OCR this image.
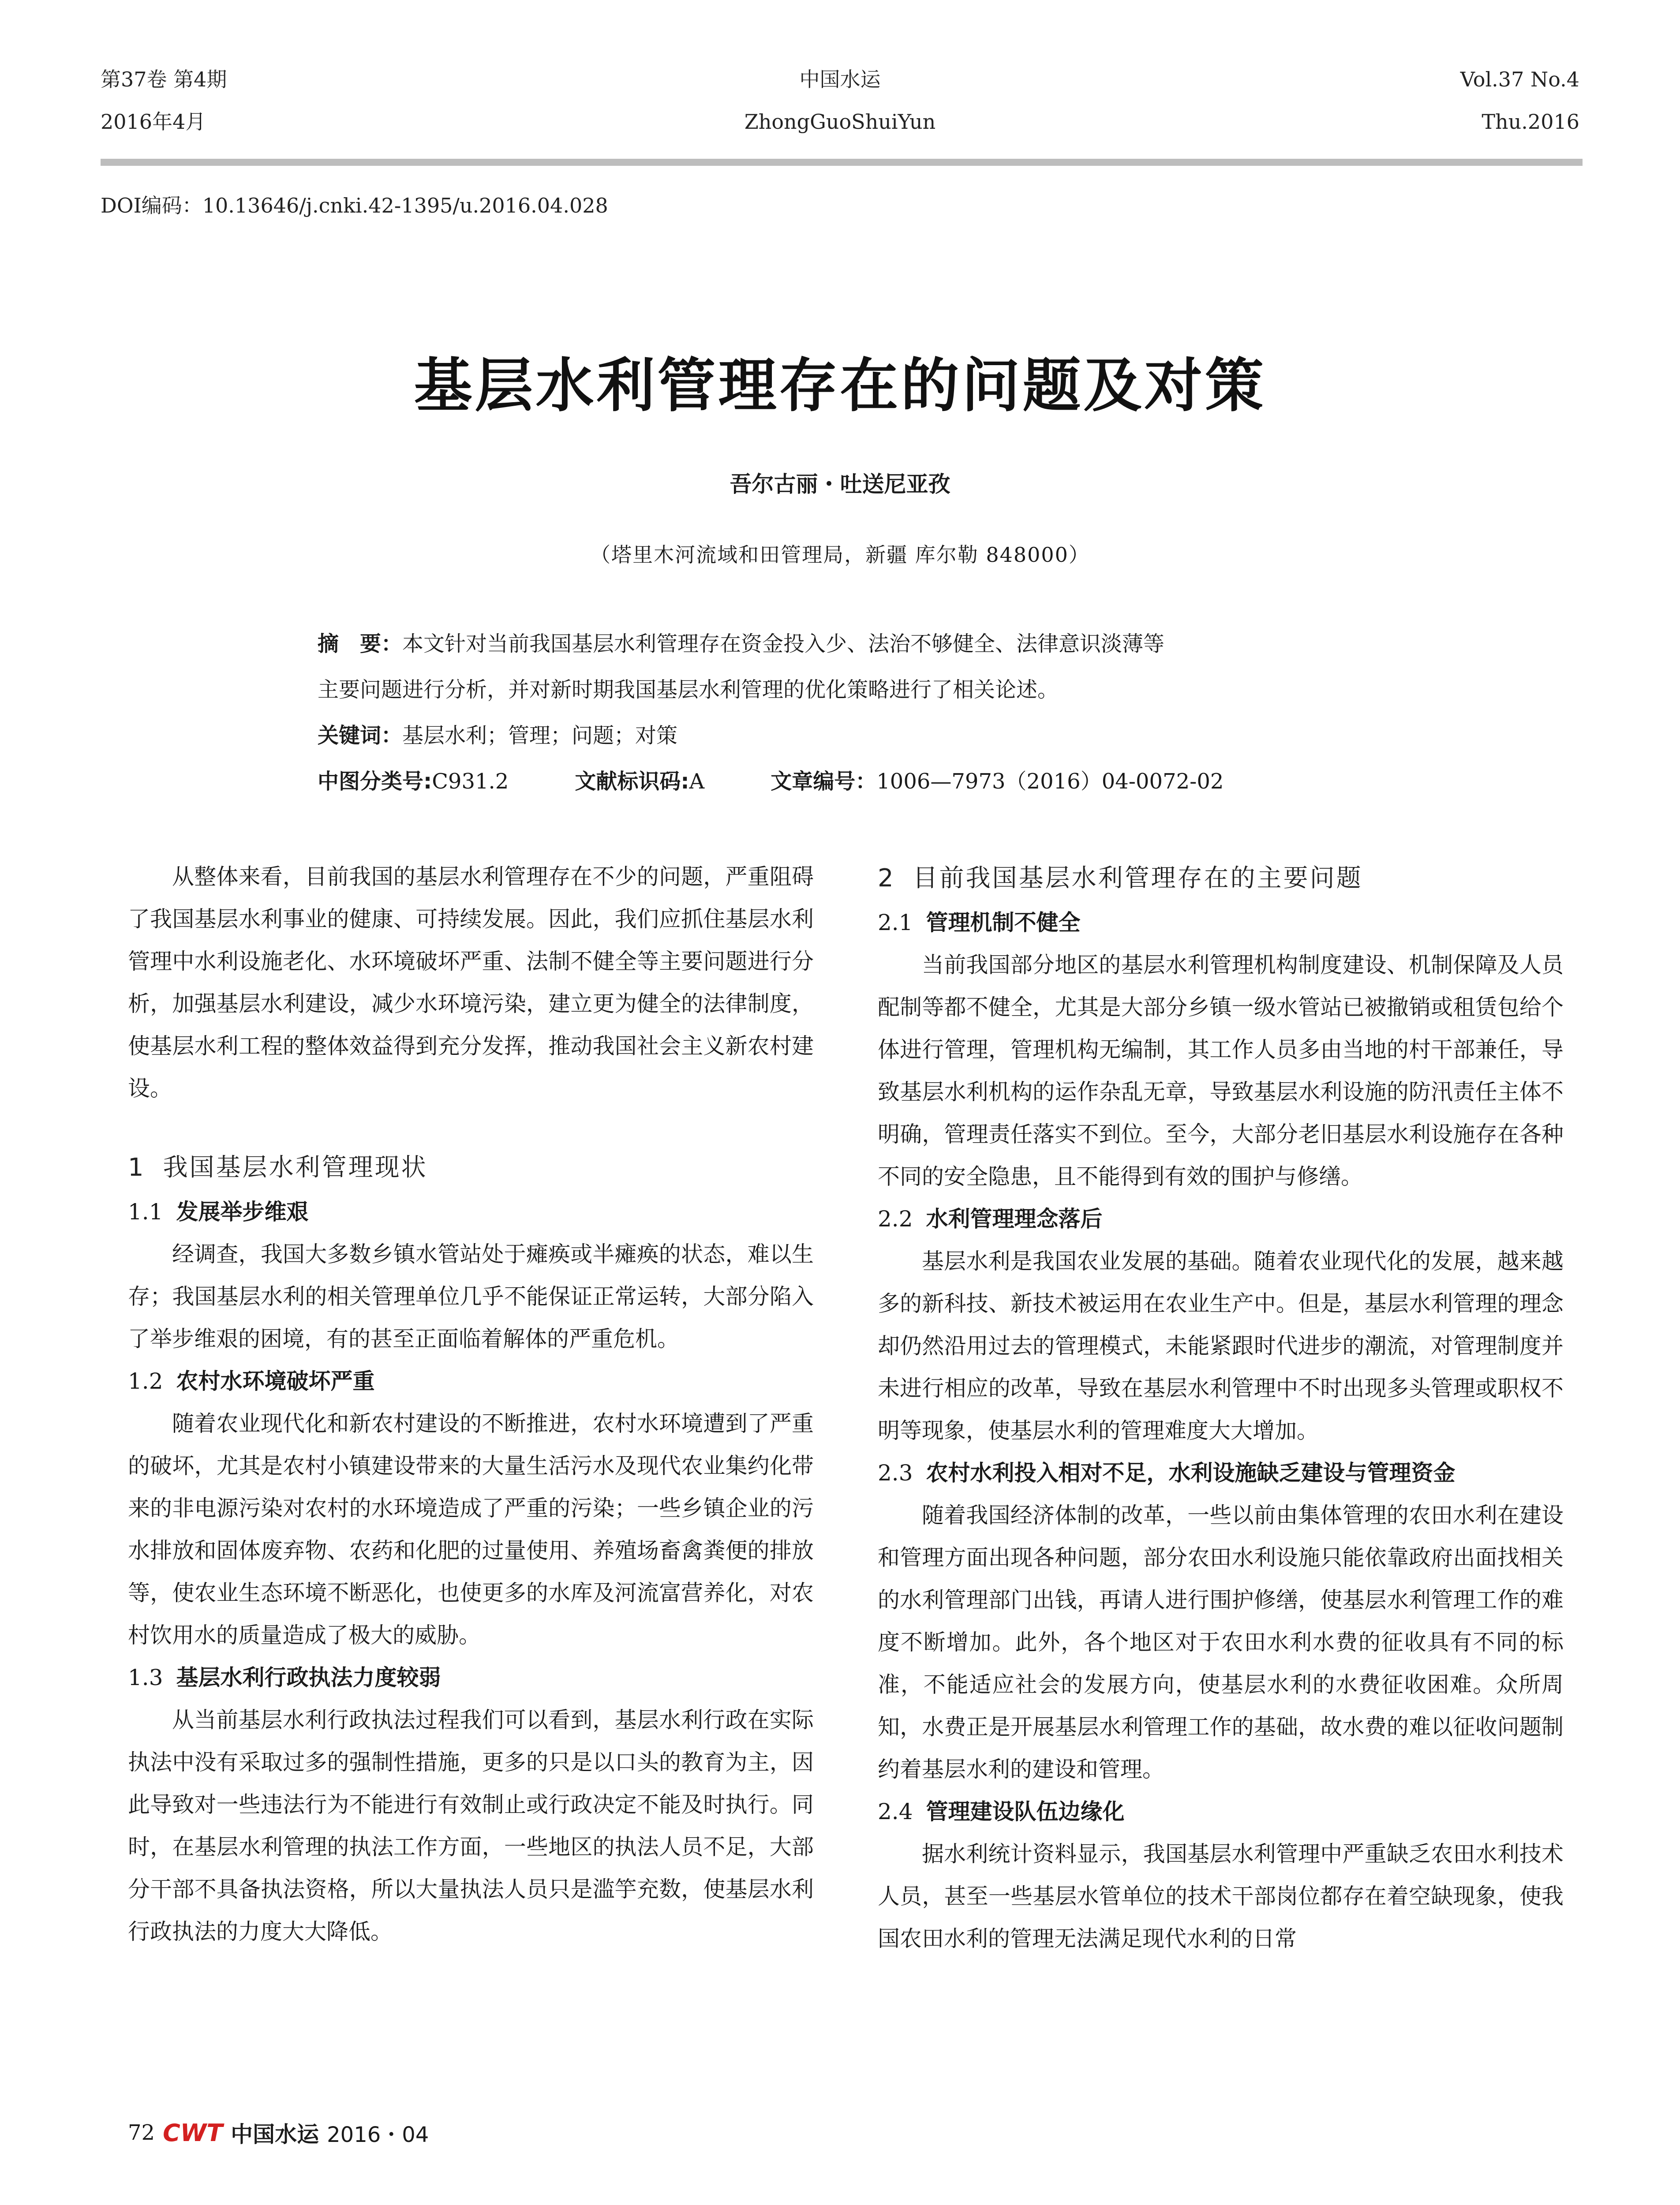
第37卷 第4期
2016年4月
中国水运
ZhongGuoShuiYun
Vol.37 No.4
Thu.2016
DOI编码：10.13646/j.cnki.42-1395/u.2016.04.028
基层水利管理存在的问题及对策
吾尔古丽・吐送尼亚孜
（塔里木河流域和田管理局，新疆 库尔勒 848000）
摘　要：本文针对当前我国基层水利管理存在资金投入少、法治不够健全、法律意识淡薄等
主要问题进行分析，并对新时期我国基层水利管理的优化策略进行了相关论述。
关键词：基层水利；管理；问题；对策
中图分类号:C931.2	文献标识码:A	文章编号：1006—7973（2016）04-0072-02

从整体来看，目前我国的基层水利管理存在不少的问题，严重阻碍了我国基层水利事业的健康、可持续发展。因此，我们应抓住基层水利管理中水利设施老化、水环境破坏严重、法制不健全等主要问题进行分析，加强基层水利建设，减少水环境污染，建立更为健全的法律制度，使基层水利工程的整体效益得到充分发挥，推动我国社会主义新农村建设。

1 我国基层水利管理现状
1.1 发展举步维艰

经调查，我国大多数乡镇水管站处于瘫痪或半瘫痪的状态，难以生存；我国基层水利的相关管理单位几乎不能保证正常运转，大部分陷入了举步维艰的困境，有的甚至正面临着解体的严重危机。

1.2 农村水环境破坏严重

随着农业现代化和新农村建设的不断推进，农村水环境遭到了严重的破坏，尤其是农村小镇建设带来的大量生活污水及现代农业集约化带来的非电源污染对农村的水环境造成了严重的污染；一些乡镇企业的污水排放和固体废弃物、农药和化肥的过量使用、养殖场畜禽粪便的排放等，使农业生态环境不断恶化，也使更多的水库及河流富营养化，对农村饮用水的质量造成了极大的威胁。

1.3 基层水利行政执法力度较弱

从当前基层水利行政执法过程我们可以看到，基层水利行政在实际执法中没有采取过多的强制性措施，更多的只是以口头的教育为主，因此导致对一些违法行为不能进行有效制止或行政决定不能及时执行。同时，在基层水利管理的执法工作方面，一些地区的执法人员不足，大部分干部不具备执法资格，所以大量执法人员只是滥竽充数，使基层水利行政执法的力度大大降低。

2 目前我国基层水利管理存在的主要问题
2.1 管理机制不健全

当前我国部分地区的基层水利管理机构制度建设、机制保障及人员配制等都不健全，尤其是大部分乡镇一级水管站已被撤销或租赁包给个体进行管理，管理机构无编制，其工作人员多由当地的村干部兼任，导致基层水利机构的运作杂乱无章，导致基层水利设施的防汛责任主体不明确，管理责任落实不到位。至今，大部分老旧基层水利设施存在各种不同的安全隐患，且不能得到有效的围护与修缮。

2.2 水利管理理念落后

基层水利是我国农业发展的基础。随着农业现代化的发展，越来越多的新科技、新技术被运用在农业生产中。但是，基层水利管理的理念却仍然沿用过去的管理模式，未能紧跟时代进步的潮流，对管理制度并未进行相应的改革，导致在基层水利管理中不时出现多头管理或职权不明等现象，使基层水利的管理难度大大增加。

2.3 农村水利投入相对不足，水利设施缺乏建设与管理资金

随着我国经济体制的改革，一些以前由集体管理的农田水利在建设和管理方面出现各种问题，部分农田水利设施只能依靠政府出面找相关的水利管理部门出钱，再请人进行围护修缮，使基层水利管理工作的难度不断增加。此外，各个地区对于农田水利水费的征收具有不同的标准，不能适应社会的发展方向，使基层水利的水费征收困难。众所周知，水费正是开展基层水利管理工作的基础，故水费的难以征收问题制约着基层水利的建设和管理。

2.4 管理建设队伍边缘化

据水利统计资料显示，我国基层水利管理中严重缺乏农田水利技术人员，甚至一些基层水管单位的技术干部岗位都存在着空缺现象，使我国农田水利的管理无法满足现代水利的日常

72 CWT 中国水运 2016・04
